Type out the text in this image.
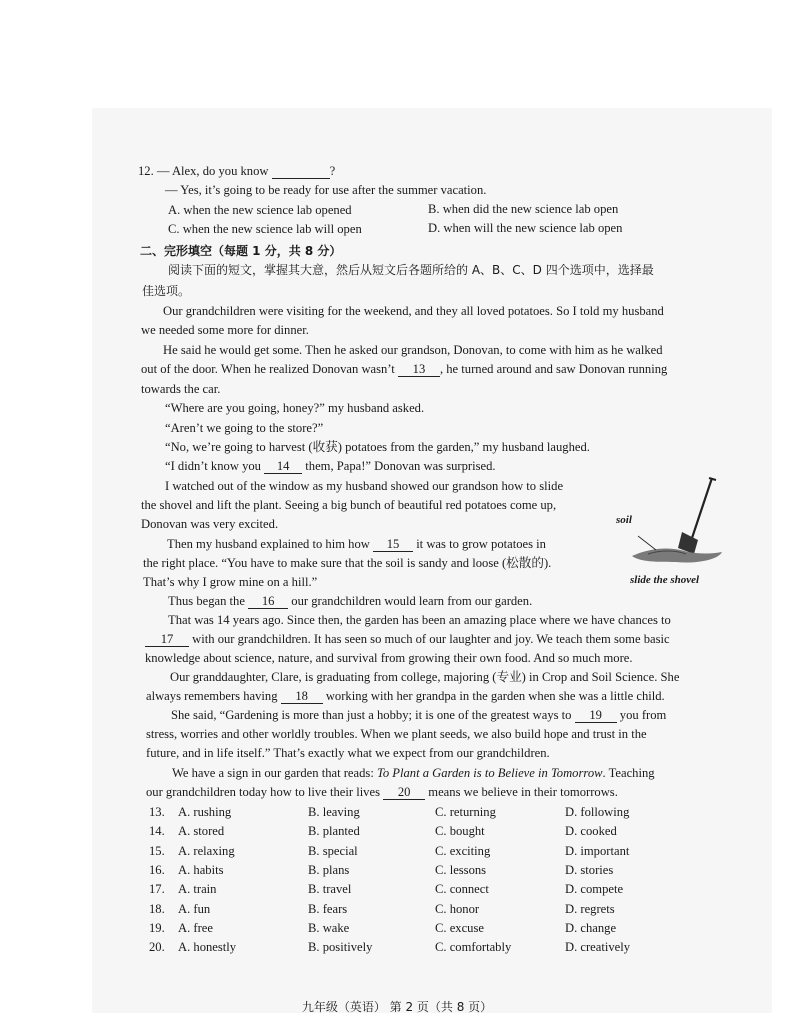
12. — Alex, do you know	?
— Yes, it’s going to be ready for use after the summer vacation.
A. when the new science lab opened	B. when did the new science lab open
C. when the new science lab will open	D. when will the new science lab open
二、完形填空（每题 1 分，共 8 分）
阅读下面的短文，掌握其大意，然后从短文后各题所给的 A、B、C、D 四个选项中，选择最
佳选项。
Our grandchildren were visiting for the weekend, and they all loved potatoes. So I told my husband
we needed some more for dinner.
He said he would get some. Then he asked our grandson, Donovan, to come with him as he walked
out of the door. When he realized Donovan wasn’t 13 , he turned around and saw Donovan running
towards the car.
“Where are you going, honey?” my husband asked.
“Aren’t we going to the store?”
“No, we’re going to harvest (收获) potatoes from the garden,” my husband laughed.
“I didn’t know you 14 them, Papa!” Donovan was surprised.
I watched out of the window as my husband showed our grandson how to slide
the shovel and lift the plant. Seeing a big bunch of beautiful red potatoes come up,
Donovan was very excited.
Then my husband explained to him how 15 it was to grow potatoes in
the right place. “You have to make sure that the soil is sandy and loose (松散的).
That’s why I grow mine on a hill.”
Thus began the 16 our grandchildren would learn from our garden.
That was 14 years ago. Since then, the garden has been an amazing place where we have chances to
17 with our grandchildren. It has seen so much of our laughter and joy. We teach them some basic
knowledge about science, nature, and survival from growing their own food. And so much more.
Our granddaughter, Clare, is graduating from college, majoring (专业) in Crop and Soil Science. She
always remembers having 18 working with her grandpa in the garden when she was a little child.
She said, “Gardening is more than just a hobby; it is one of the greatest ways to 19 you from
stress, worries and other worldly troubles. When we plant seeds, we also build hope and trust in the
future, and in life itself.” That’s exactly what we expect from our grandchildren.
We have a sign in our garden that reads: To Plant a Garden is to Believe in Tomorrow. Teaching
our grandchildren today how to live their lives 20 means we believe in their tomorrows.
soil
slide the shovel
13. A. rushing	B. leaving	C. returning	D. following
14. A. stored	B. planted	C. bought	D. cooked
15. A. relaxing	B. special	C. exciting	D. important
16. A. habits	B. plans	C. lessons	D. stories
17. A. train	B. travel	C. connect	D. compete
18. A. fun	B. fears	C. honor	D. regrets
19. A. free	B. wake	C. excuse	D. change
20. A. honestly	B. positively	C. comfortably	D. creatively
九年级（英语） 第 2 页（共 8 页）
